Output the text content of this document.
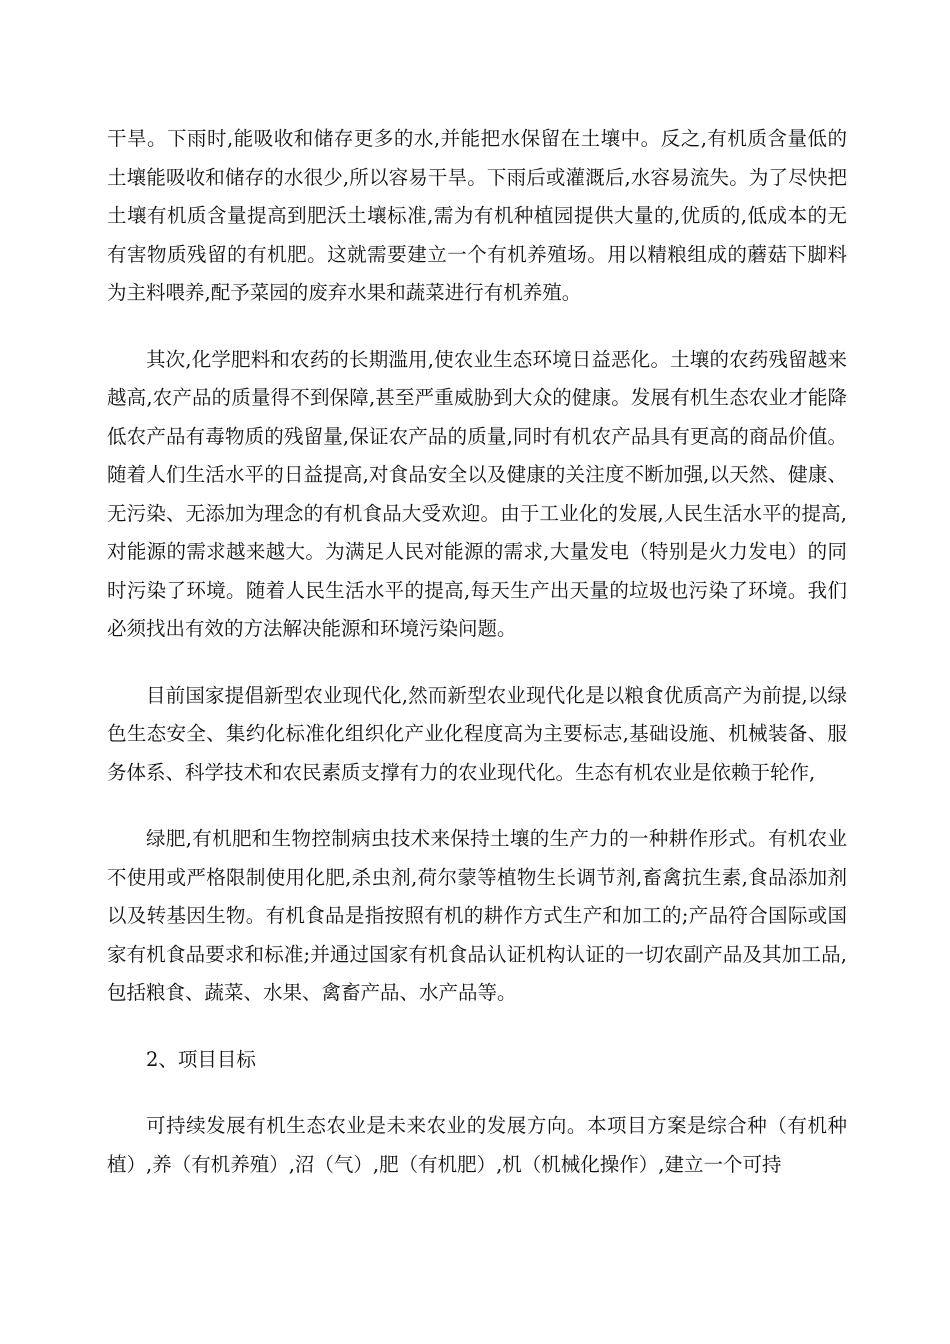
干旱。下雨时,能吸收和储存更多的水,并能把水保留在土壤中。反之,有机质含量低的土壤能吸收和储存的水很少,所以容易干旱。下雨后或灌溉后,水容易流失。为了尽快把土壤有机质含量提高到肥沃土壤标准,需为有机种植园提供大量的,优质的,低成本的无有害物质残留的有机肥。这就需要建立一个有机养殖场。用以精粮组成的蘑菇下脚料为主料喂养,配予菜园的废弃水果和蔬菜进行有机养殖。

其次,化学肥料和农药的长期滥用,使农业生态环境日益恶化。土壤的农药残留越来越高,农产品的质量得不到保障,甚至严重威胁到大众的健康。发展有机生态农业才能降低农产品有毒物质的残留量,保证农产品的质量,同时有机农产品具有更高的商品价值。随着人们生活水平的日益提高,对食品安全以及健康的关注度不断加强,以天然、健康、无污染、无添加为理念的有机食品大受欢迎。由于工业化的发展,人民生活水平的提高,对能源的需求越来越大。为满足人民对能源的需求,大量发电（特别是火力发电）的同时污染了环境。随着人民生活水平的提高,每天生产出天量的垃圾也污染了环境。我们必须找出有效的方法解决能源和环境污染问题。

目前国家提倡新型农业现代化,然而新型农业现代化是以粮食优质高产为前提,以绿色生态安全、集约化标准化组织化产业化程度高为主要标志,基础设施、机械装备、服务体系、科学技术和农民素质支撑有力的农业现代化。生态有机农业是依赖于轮作,

绿肥,有机肥和生物控制病虫技术来保持土壤的生产力的一种耕作形式。有机农业不使用或严格限制使用化肥,杀虫剂,荷尔蒙等植物生长调节剂,畜禽抗生素,食品添加剂以及转基因生物。有机食品是指按照有机的耕作方式生产和加工的;产品符合国际或国家有机食品要求和标准;并通过国家有机食品认证机构认证的一切农副产品及其加工品,包括粮食、蔬菜、水果、禽畜产品、水产品等。

2、项目目标

可持续发展有机生态农业是未来农业的发展方向。本项目方案是综合种（有机种植）,养（有机养殖）,沼（气）,肥（有机肥）,机（机械化操作）,建立一个可持
